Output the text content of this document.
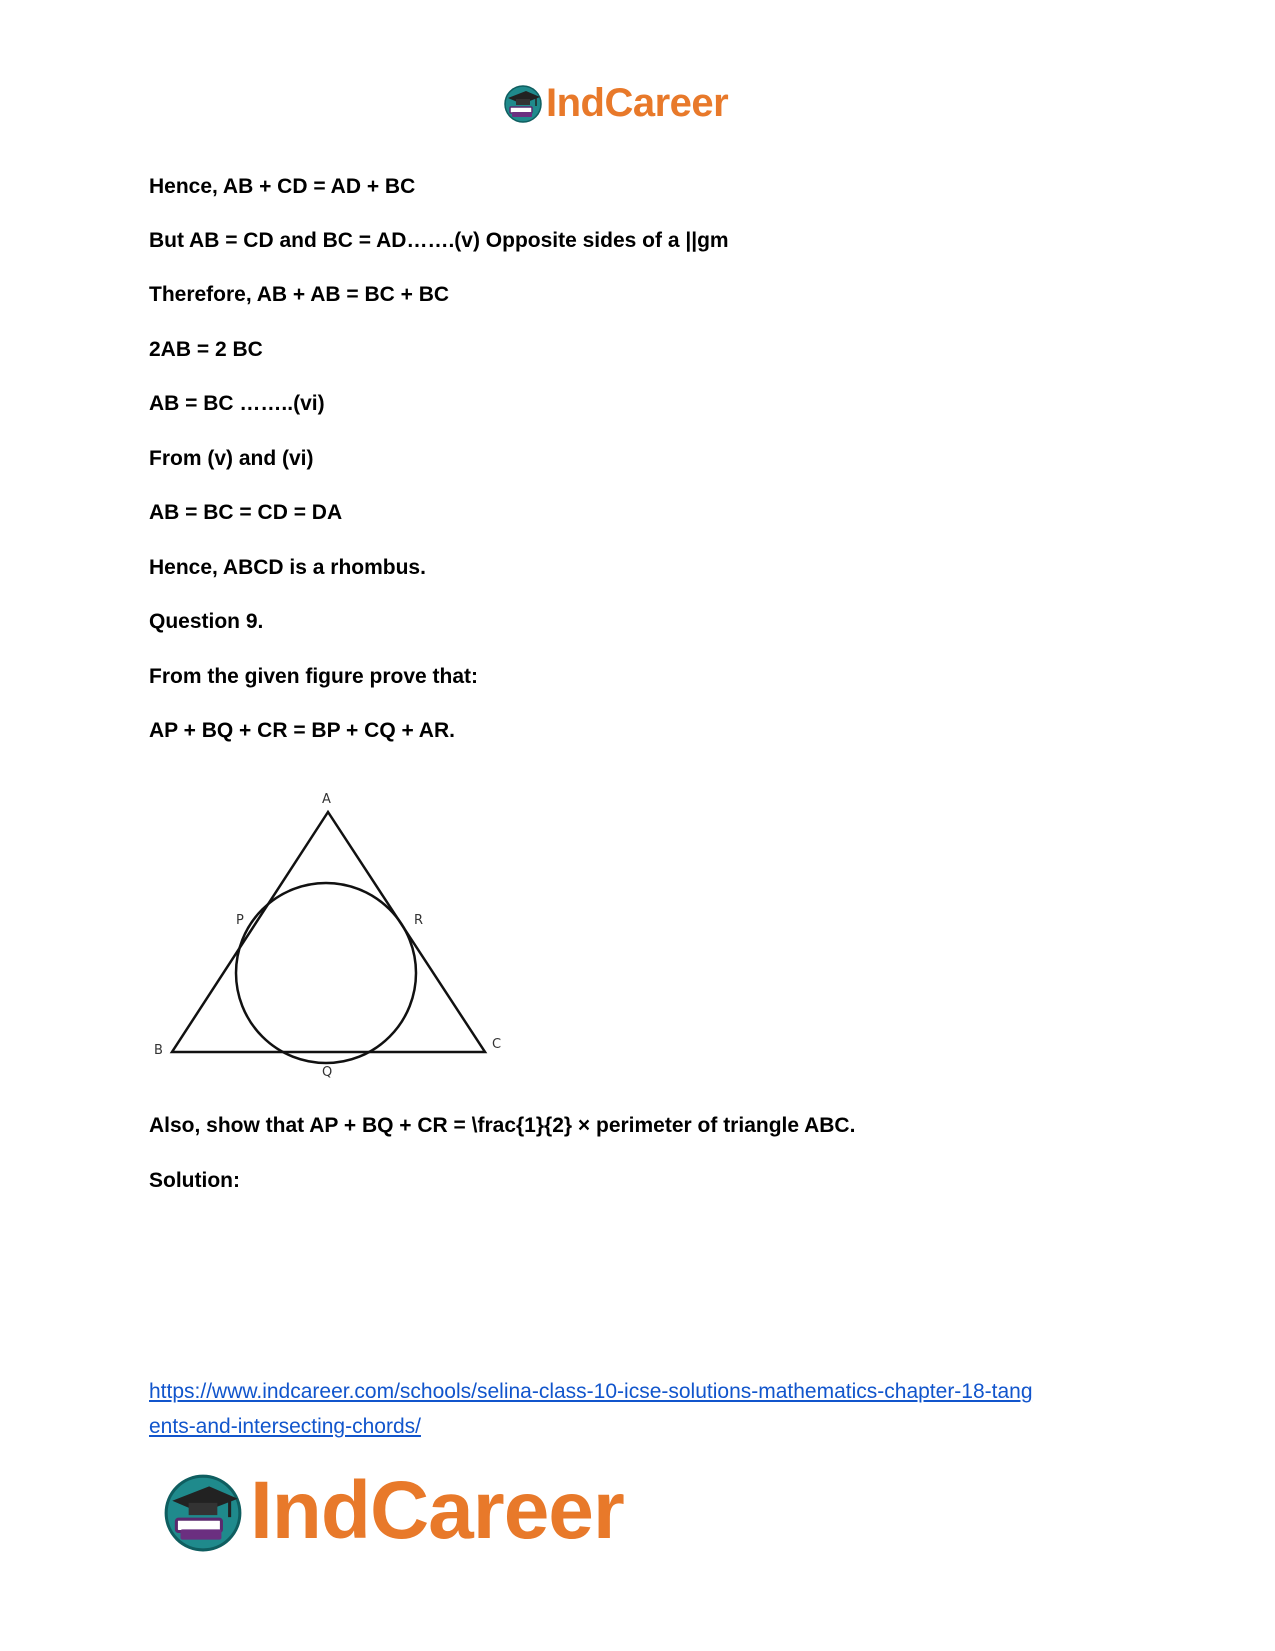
IndCareer
Hence, AB + CD = AD + BC
But AB = CD and BC = AD…….(v) Opposite sides of a ||gm
Therefore, AB + AB = BC + BC
2AB = 2 BC
AB = BC ……..(vi)
From (v) and (vi)
AB = BC = CD = DA
Hence, ABCD is a rhombus.
Question 9.
From the given figure prove that:
AP + BQ + CR = BP + CQ + AR.
A
P	R
B	C
Q
Also, show that AP + BQ + CR = \frac{1}{2} × perimeter of triangle ABC.
Solution:
https://www.indcareer.com/schools/selina-class-10-icse-solutions-mathematics-chapter-18-tang
ents-and-intersecting-chords/
IndCareer
